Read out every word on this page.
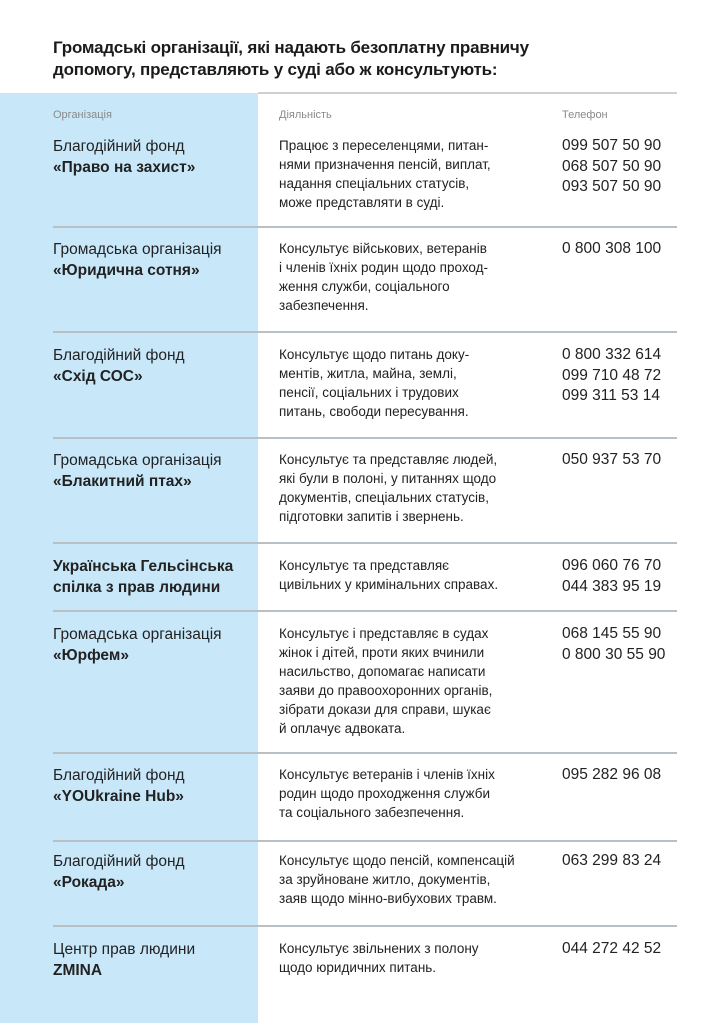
Громадські організації, які надають безоплатну правничу
допомогу, представляють у суді або ж консультують:
Організація	Діяльність	Телефон
Благодійний фонд
«Право на захист»
Працює з переселенцями, питан-
нями призначення пенсій, виплат,
надання спеціальних статусів,
може представляти в суді.
099 507 50 90
068 507 50 90
093 507 50 90
Громадська організація
«Юридична сотня»
Консультує військових, ветеранів
і членів їхніх родин щодо проход-
ження служби, соціального
забезпечення.
0 800 308 100
Благодійний фонд
«Схід СОС»
Консультує щодо питань доку-
ментів, житла, майна, землі,
пенсії, соціальних і трудових
питань, свободи пересування.
0 800 332 614
099 710 48 72
099 311 53 14
Громадська організація
«Блакитний птах»
Консультує та представляє людей,
які були в полоні, у питаннях щодо
документів, спеціальних статусів,
підготовки запитів і звернень.
050 937 53 70
Українська Гельсінська
спілка з прав людини
Консультує та представляє
цивільних у кримінальних справах.
096 060 76 70
044 383 95 19
Громадська організація
«Юрфем»
Консультує і представляє в судах
жінок і дітей, проти яких вчинили
насильство, допомагає написати
заяви до правоохоронних органів,
зібрати докази для справи, шукає
й оплачує адвоката.
068 145 55 90
0 800 30 55 90
Благодійний фонд
«YOUkraine Hub»
Консультує ветеранів і членів їхніх
родин щодо проходження служби
та соціального забезпечення.
095 282 96 08
Благодійний фонд
«Рокада»
Консультує щодо пенсій, компенсацій
за зруйноване житло, документів,
заяв щодо мінно-вибухових травм.
063 299 83 24
Центр прав людини
ZMINA
Консультує звільнених з полону
щодо юридичних питань.
044 272 42 52
